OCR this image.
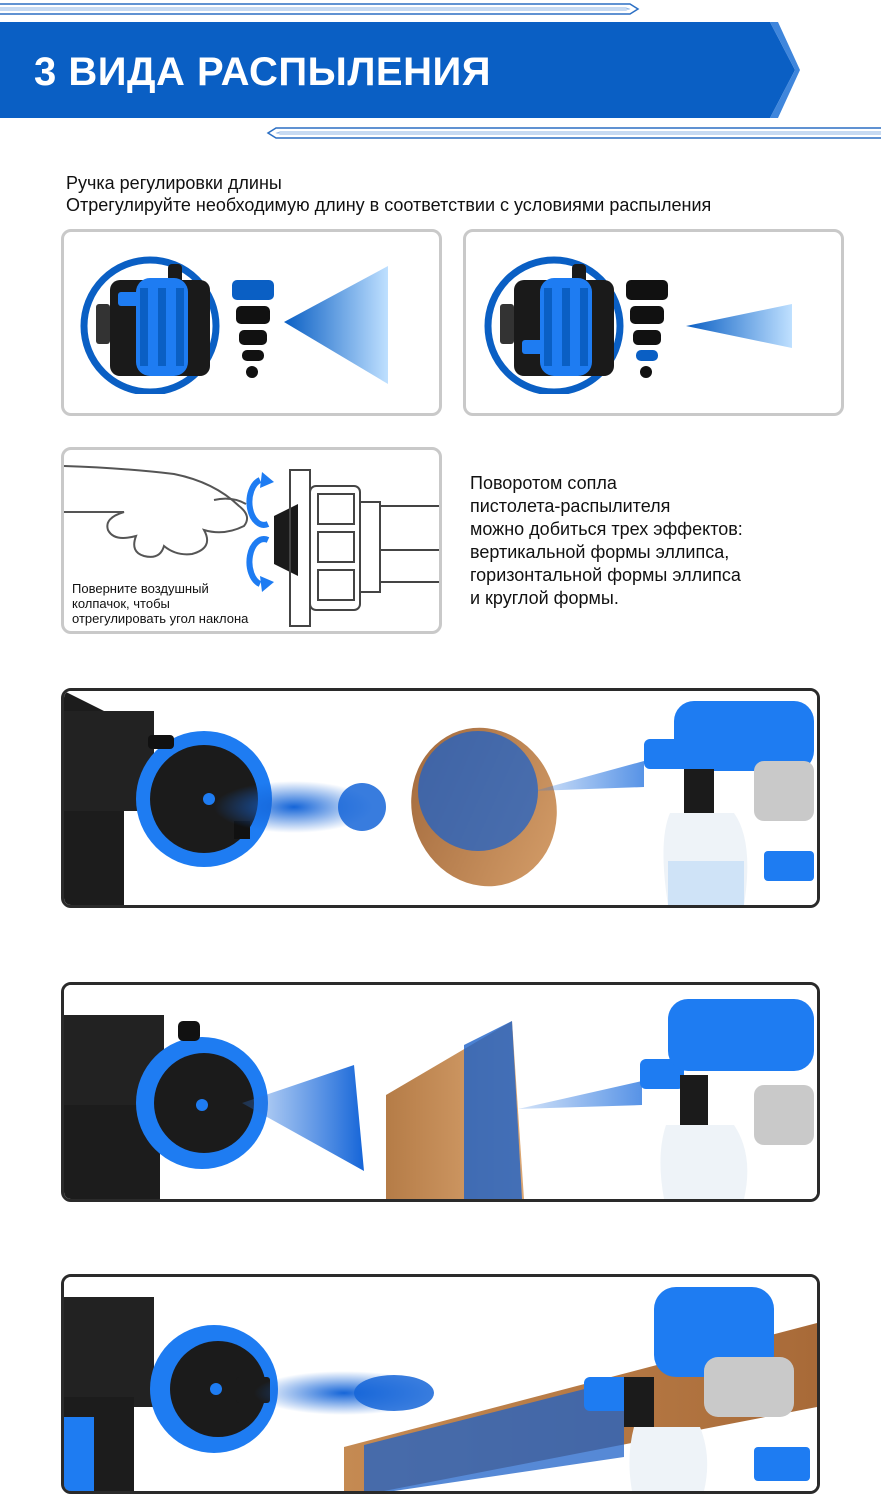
3 ВИДА РАСПЫЛЕНИЯ
Ручка регулировки длины
Отрегулируйте необходимую длину в соответствии с условиями распыления
Поверните воздушный
колпачок, чтобы
отрегулировать угол наклона
Поворотом сопла
пистолета-распылителя
можно добиться трех эффектов:
вертикальной формы эллипса,
горизонтальной формы эллипса
и круглой формы.
